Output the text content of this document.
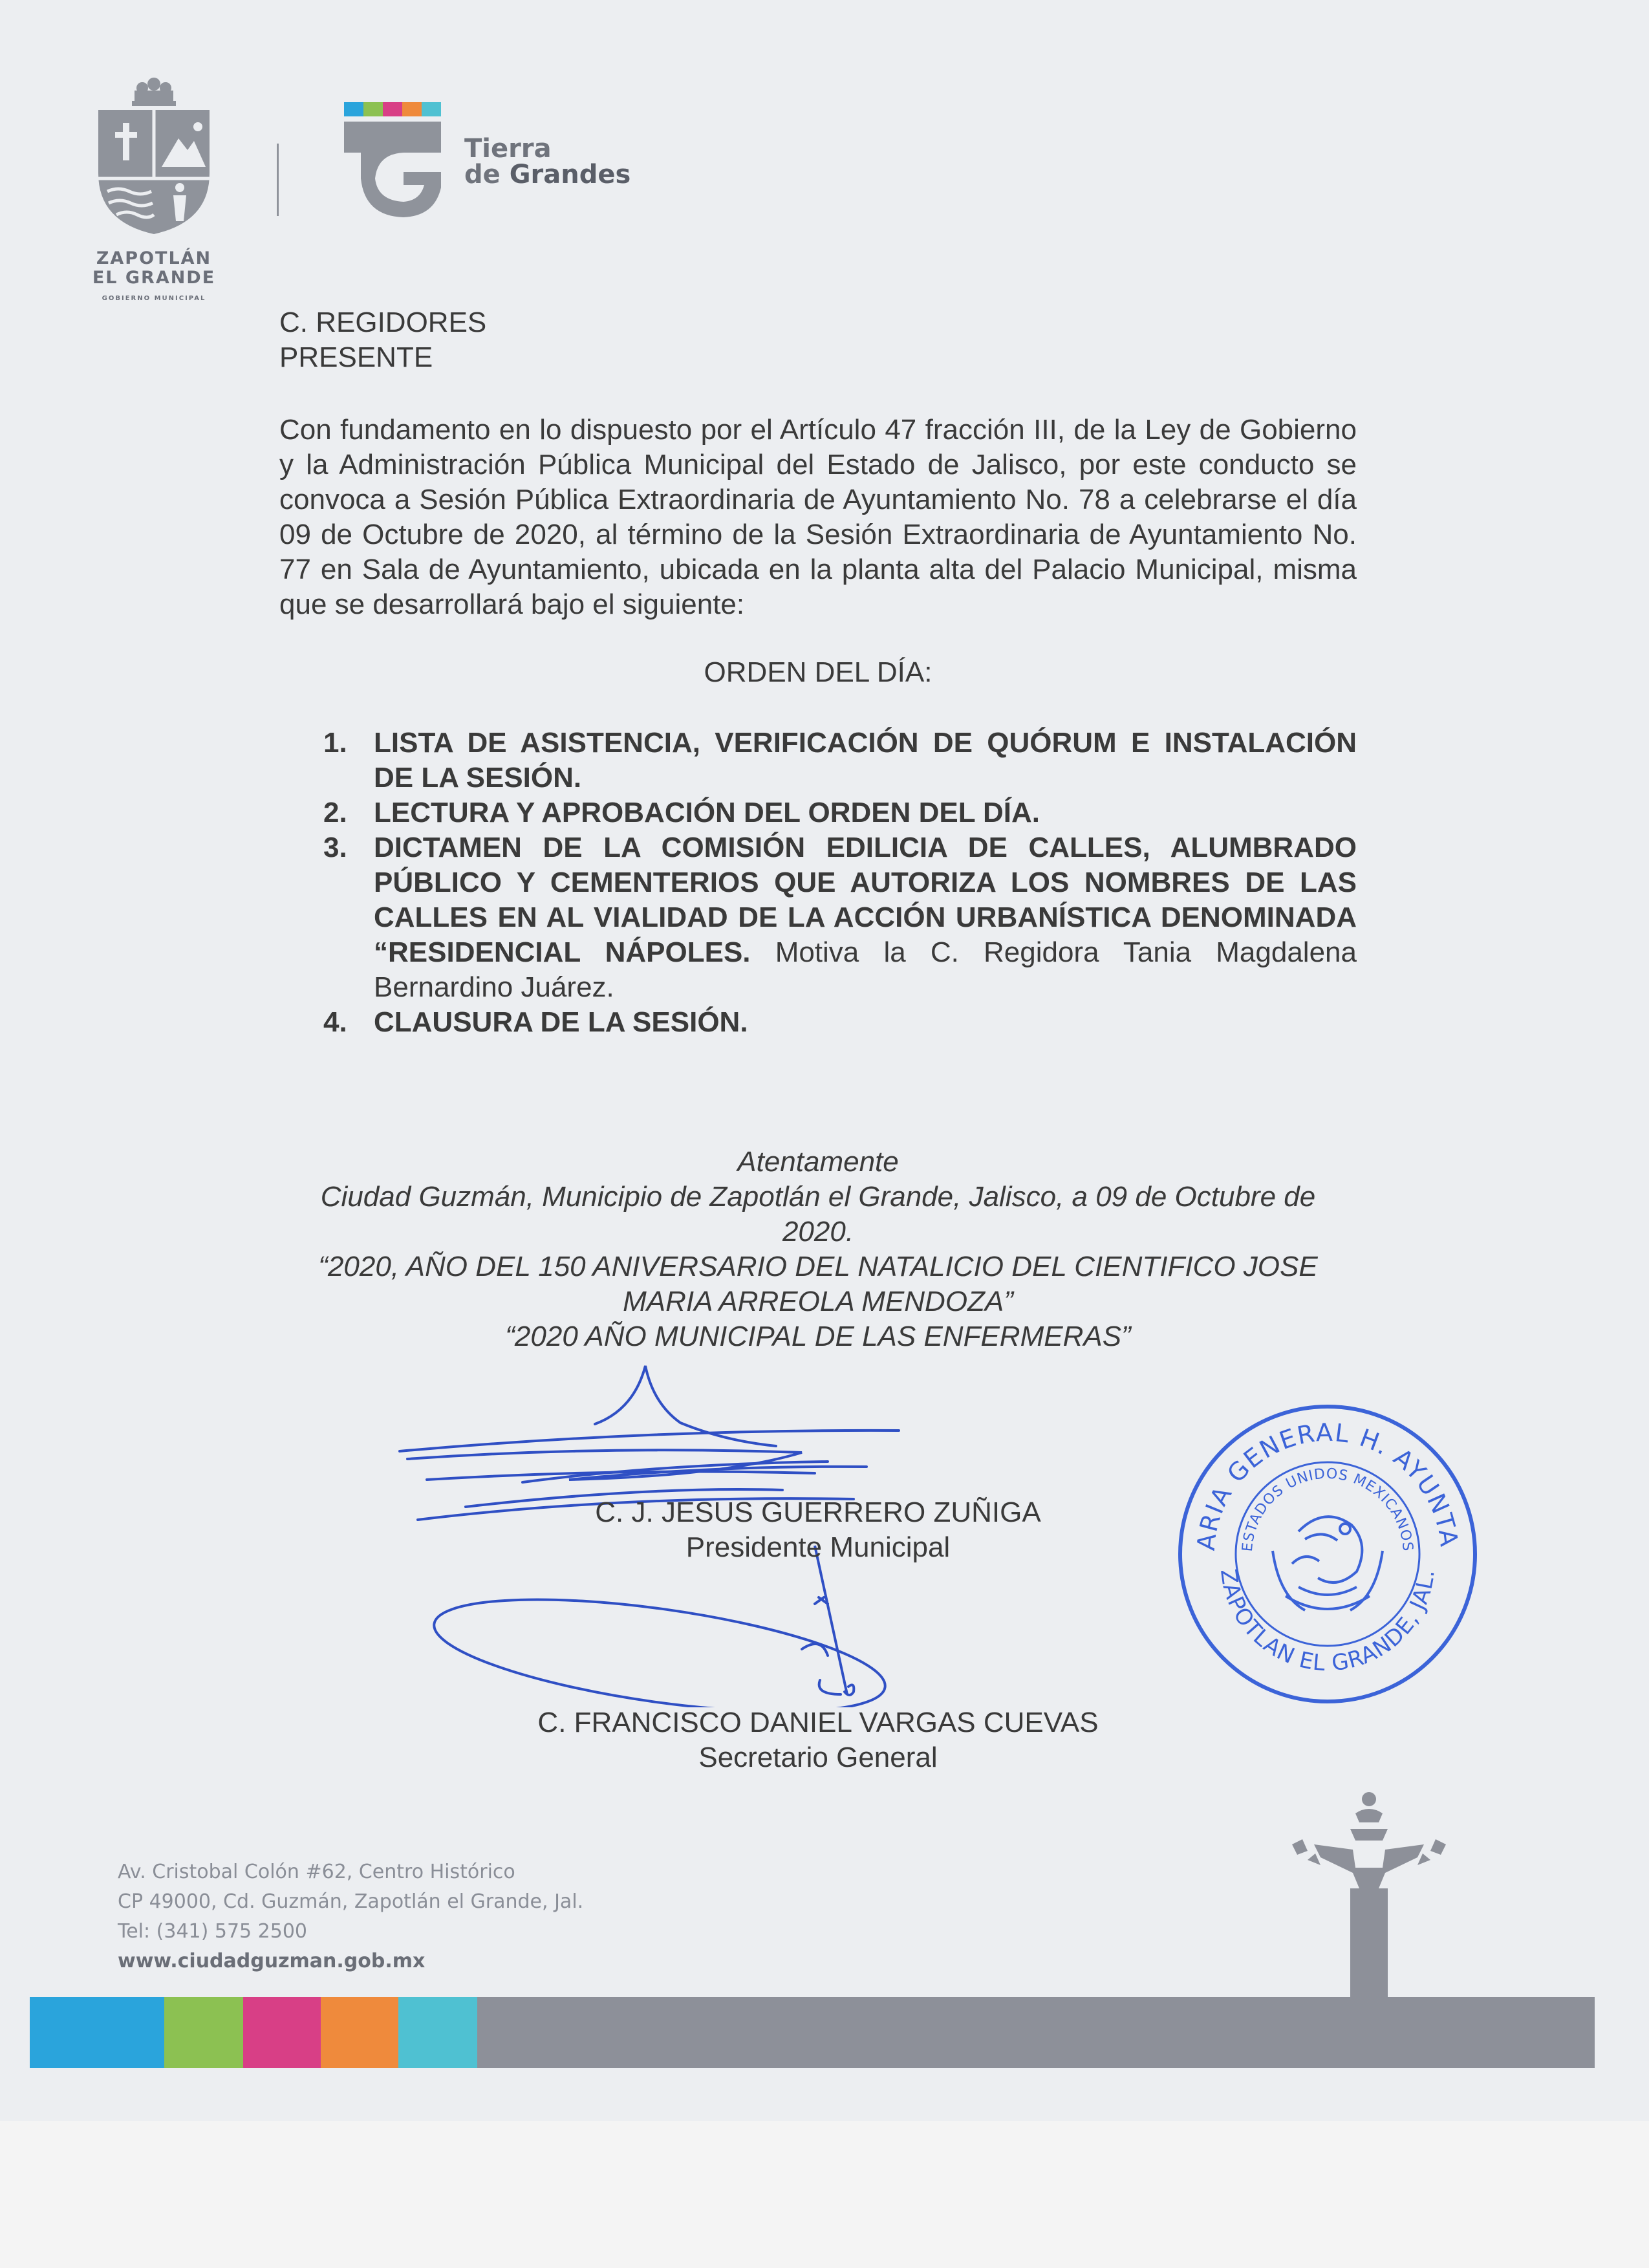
ZAPOTLÁN
EL GRANDE
GOBIERNO MUNICIPAL
Tierra
de Grandes
C. REGIDORES
PRESENTE
Con fundamento en lo dispuesto por el Artículo 47 fracción III, de la Ley de Gobierno y la Administración Pública Municipal del Estado de Jalisco, por este conducto se convoca a Sesión Pública Extraordinaria de Ayuntamiento No. 78 a celebrarse el día 09 de Octubre de 2020, al término de la Sesión Extraordinaria de Ayuntamiento No. 77 en Sala de Ayuntamiento, ubicada en la planta alta del Palacio Municipal, misma que se desarrollará bajo el siguiente:
ORDEN DEL DÍA:
1. LISTA DE ASISTENCIA, VERIFICACIÓN DE QUÓRUM E INSTALACIÓN DE LA SESIÓN.
2. LECTURA Y APROBACIÓN DEL ORDEN DEL DÍA.
3. DICTAMEN DE LA COMISIÓN EDILICIA DE CALLES, ALUMBRADO PÚBLICO Y CEMENTERIOS QUE AUTORIZA LOS NOMBRES DE LAS CALLES EN AL VIALIDAD DE LA ACCIÓN URBANÍSTICA DENOMINADA “RESIDENCIAL NÁPOLES. Motiva la C. Regidora Tania Magdalena Bernardino Juárez.
4. CLAUSURA DE LA SESIÓN.
Atentamente
Ciudad Guzmán, Municipio de Zapotlán el Grande, Jalisco, a 09 de Octubre de 2020.
“2020, AÑO DEL 150 ANIVERSARIO DEL NATALICIO DEL CIENTIFICO JOSE MARIA ARREOLA MENDOZA”
“2020 AÑO MUNICIPAL DE LAS ENFERMERAS”
C. J. JESUS GUERRERO ZUÑIGA
Presidente Municipal
C. FRANCISCO DANIEL VARGAS CUEVAS
Secretario General
ARIA GENERAL H. AYUNTA
ESTADOS UNIDOS MEXICANOS
ZAPOTLAN EL GRANDE, JAL.
Av. Cristobal Colón #62, Centro Histórico
CP 49000, Cd. Guzmán, Zapotlán el Grande, Jal.
Tel: (341) 575 2500
www.ciudadguzman.gob.mx
